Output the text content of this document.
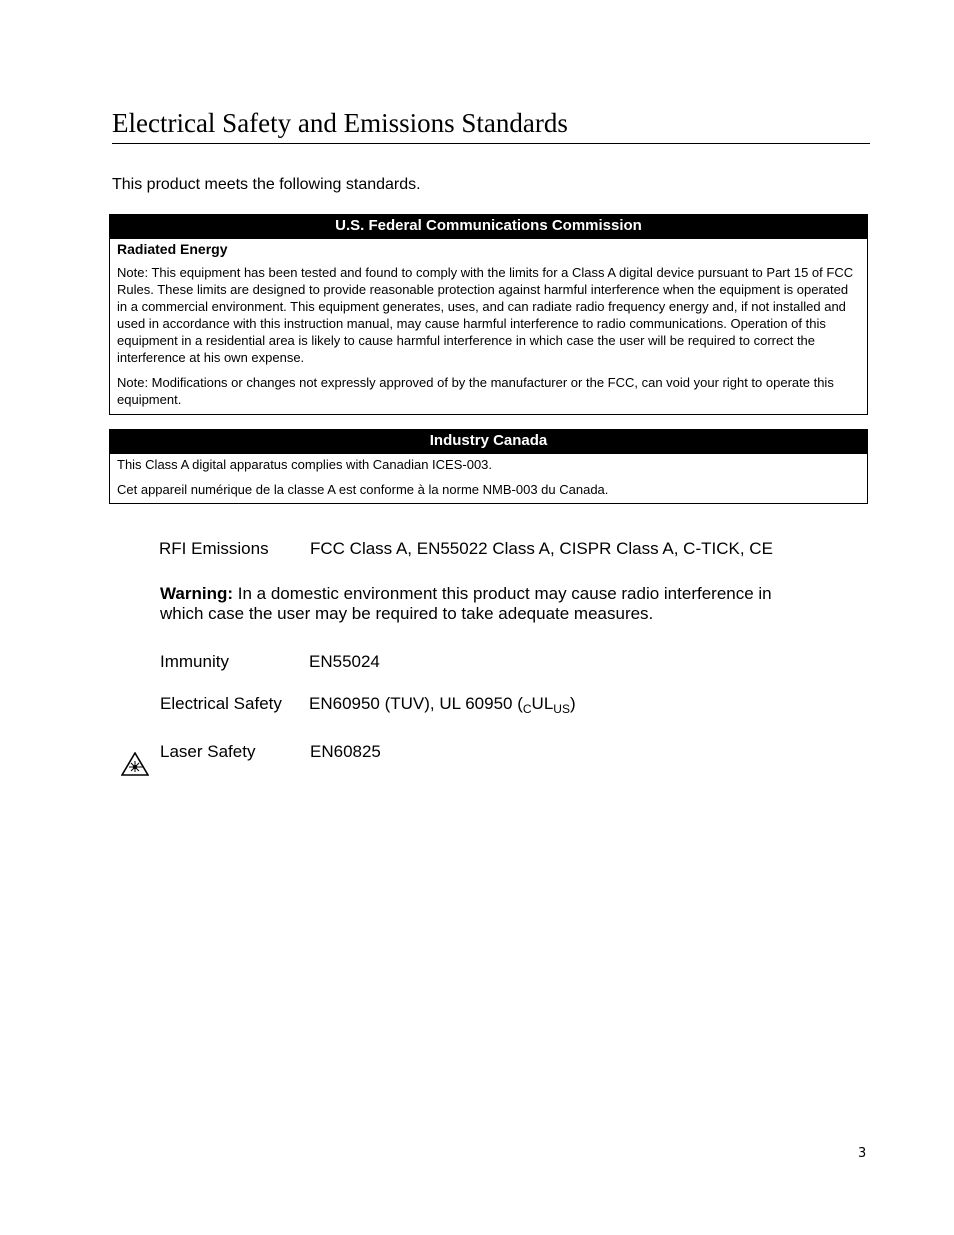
Electrical Safety and Emissions Standards

This product meets the following standards.

U.S. Federal Communications Commission

Radiated Energy

Note: This equipment has been tested and found to comply with the limits for a Class A digital device pursuant to Part 15 of FCC Rules. These limits are designed to provide reasonable protection against harmful interference when the equipment is operated in a commercial environment. This equipment generates, uses, and can radiate radio frequency energy and, if not installed and used in accordance with this instruction manual, may cause harmful interference to radio communications. Operation of this equipment in a residential area is likely to cause harmful interference in which case the user will be required to correct the interference at his own expense.

Note: Modifications or changes not expressly approved of by the manufacturer or the FCC, can void your right to operate this equipment.

Industry Canada

This Class A digital apparatus complies with Canadian ICES-003.

Cet appareil numérique de la classe A est conforme à la norme NMB-003 du Canada.

RFI Emissions FCC Class A, EN55022 Class A, CISPR Class A, C-TICK, CE

Warning: In a domestic environment this product may cause radio interference in which case the user may be required to take adequate measures.

Immunity	EN55024
Electrical Safety EN60950 (TUV), UL 60950 $(_CUL_{US})$
Laser Safety	EN60825
3
